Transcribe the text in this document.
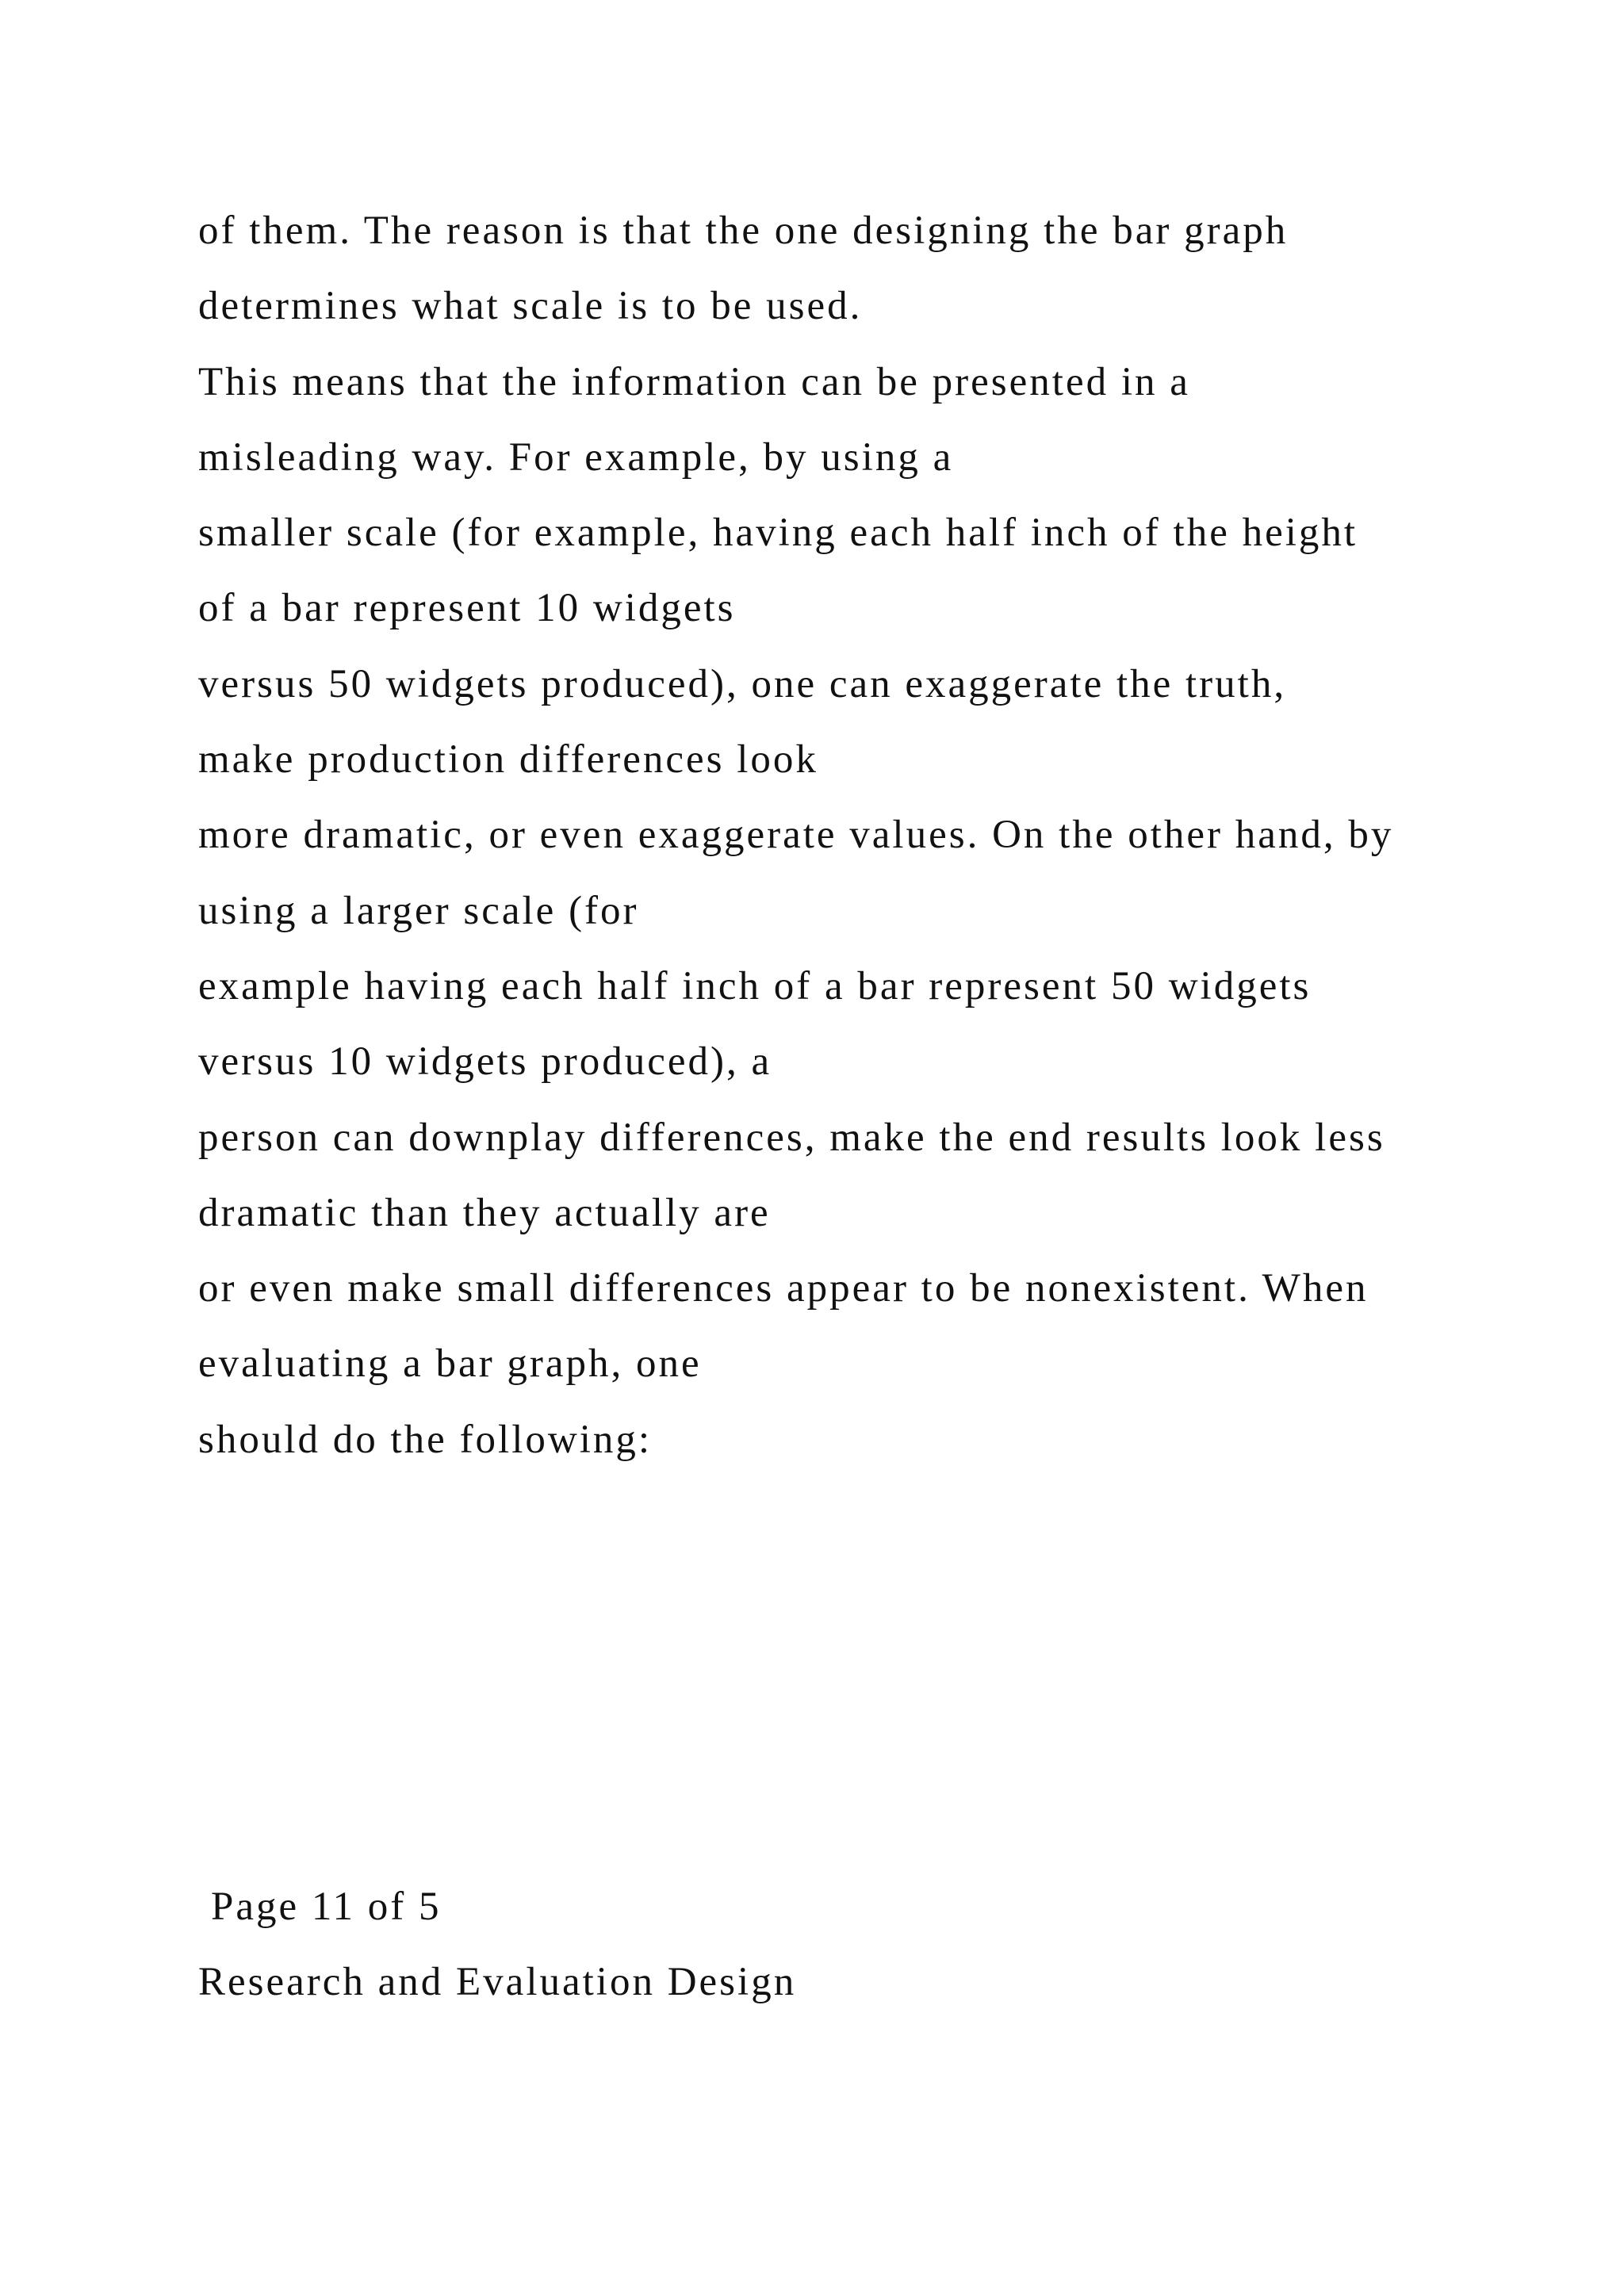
of them. The reason is that the one designing the bar graph
determines what scale is to be used.
This means that the information can be presented in a
misleading way. For example, by using a
smaller scale (for example, having each half inch of the height
of a bar represent 10 widgets
versus 50 widgets produced), one can exaggerate the truth,
make production differences look
more dramatic, or even exaggerate values. On the other hand, by
using a larger scale (for
example having each half inch of a bar represent 50 widgets
versus 10 widgets produced), a
person can downplay differences, make the end results look less
dramatic than they actually are
or even make small differences appear to be nonexistent. When
evaluating a bar graph, one
should do the following:
Page 11 of 5
Research and Evaluation Design
